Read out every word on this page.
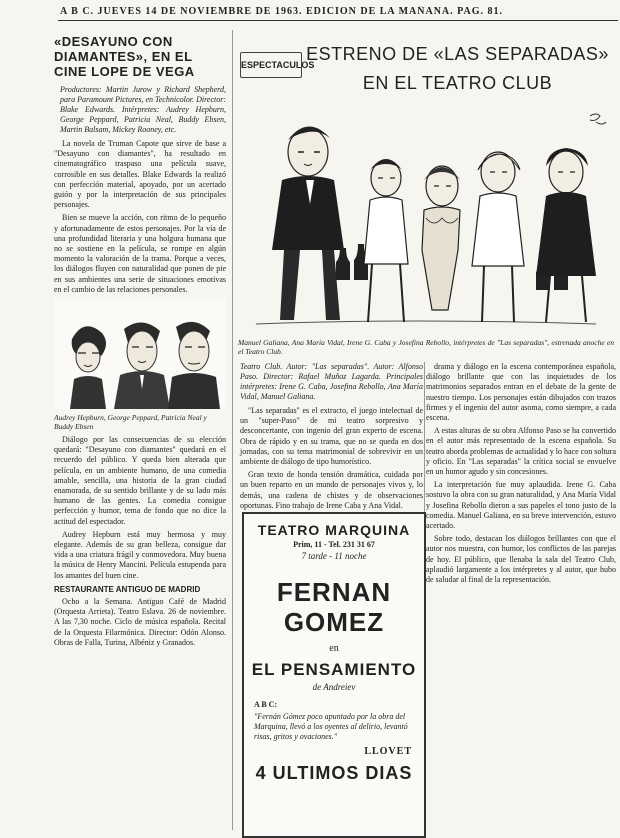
A B C. JUEVES 14 DE NOVIEMBRE DE 1963. EDICION DE LA MAÑANA. PAG. 81.
«DESAYUNO CON DIAMANTES», EN EL CINE LOPE DE VEGA
Productores: Martin Jurow y Richard Shepherd, para Paramount Pictures, en Technicolor. Director: Blake Edwards. Intérpretes: Audrey Hepburn, George Peppard, Patricia Neal, Buddy Ebsen, Martin Balsam, Mickey Rooney, etc.

La novela de Truman Capote que sirve de base a "Desayuno con diamantes", ha resultado en cinematográfico traspaso una película suave, corrosible en sus detalles. Blake Edwards la realizó con perfección material, apoyado, por un acertado guión y por la interpretación de sus principales personajes.

Bien se mueve la acción, con ritmo de lo pequeño y afortunadamente de estos personajes. Por la vía de una profundidad literaria y una holgura humana que no se sostiene en la película, se rompe en algún momento la valoración de la trama. Porque a veces, los diálogos fluyen con naturalidad que ponen de pie en sus ambientes una serie de situaciones emotivas en el cambio de las relaciones personales.

Audrey Hepburn, George Peppard, Patricia Neal y Buddy Ebsen

Diálogo por las consecuencias de su elección quedará: "Desayuno con diamantes" quedará en el recuerdo del público. Y queda bien alterada que película, en un ambiente humano, de una comedia amable, sencilla, una historia de la gran ciudad enamorada, de su sentido brillante y de su lado más humano de las gentes. La comedia consigue perfección y humor, tema de fondo que no dice la actitud del espectador.

Audrey Hepburn está muy hermosa y muy elegante. Además de su gran belleza, consigue dar vida a una criatura frágil y conmovedora. Muy buena la música de Henry Mancini. Película estupenda para los amantes del buen cine.

RESTAURANTE ANTIGUO DE MADRID

Ocho a la Semana. Antiguo Café de Madrid (Orquesta Arrieta). Teatro Eslava. 26 de noviembre. A las 7,30 noche. Ciclo de música española. Recital de la Orquesta Filarmónica. Director: Odón Alonso. Obras de Falla, Turina, Albéniz y Granados.

ESPECTACULOS
ESTRENO DE «LAS SEPARADAS» EN EL TEATRO CLUB
Manuel Galiana, Ana María Vidal, Irene G. Caba y Josefina Rebollo, intérpretes de "Las separadas", estrenada anoche en el Teatro Club.
Teatro Club. Autor: "Las separadas". Autor: Alfonso Paso. Director: Rafael Muñoz Lagarda. Principales intérpretes: Irene G. Caba, Josefina Rebollo, Ana María Vidal, Manuel Galiana.

"Las separadas" es el extracto, el juego intelectual de un "super-Paso" de mi teatro sorpresivo y desconcertante, con ingenio del gran experto de escena. Obra de rápido y en su trama, que no se queda en dos jornadas, con su tema matrimonial de sobrevivir en un ambiente de diálogo de tipo humorístico.

Gran texto de honda tensión dramática, cuidada por un buen reparto en un mundo de personajes vivos y, lo demás, una cadena de chistes y de observaciones oportunas. Fino trabajo de Irene Caba y Ana Vidal.

drama y diálogo en la escena contemporánea española, diálogo brillante que con las inquietudes de los matrimonios separados entran en el debate de la gente de nuestro tiempo. Los personajes están dibujados con trazos firmes y el ingenio del autor asoma, como siempre, a cada escena.

A estas alturas de su obra Alfonso Paso se ha convertido en el autor más representado de la escena española. Su teatro aborda problemas de actualidad y lo hace con soltura y oficio. En "Las separadas" la crítica social se envuelve en un humor agudo y sin concesiones.

La interpretación fue muy aplaudida. Irene G. Caba sostuvo la obra con su gran naturalidad, y Ana María Vidal y Josefina Rebollo dieron a sus papeles el tono justo de la comedia. Manuel Galiana, en su breve intervención, estuvo acertado.

Sobre todo, destacan los diálogos brillantes con que el autor nos muestra, con humor, los conflictos de las parejas de hoy. El público, que llenaba la sala del Teatro Club, aplaudió largamente a los intérpretes y al autor, que hubo de saludar al final de la representación.

TEATRO MARQUINA
Prim, 11 - Tel. 231 31 67
7 tarde - 11 noche
FERNAN GOMEZ
en
EL PENSAMIENTO
de Andreiev
A B C:
"Fernán Gómez poco apuntado por la obra del Marquina, llevó a los oyentes al delirio, levantó risas, gritos y ovaciones."
LLOVET
4 ULTIMOS DIAS
